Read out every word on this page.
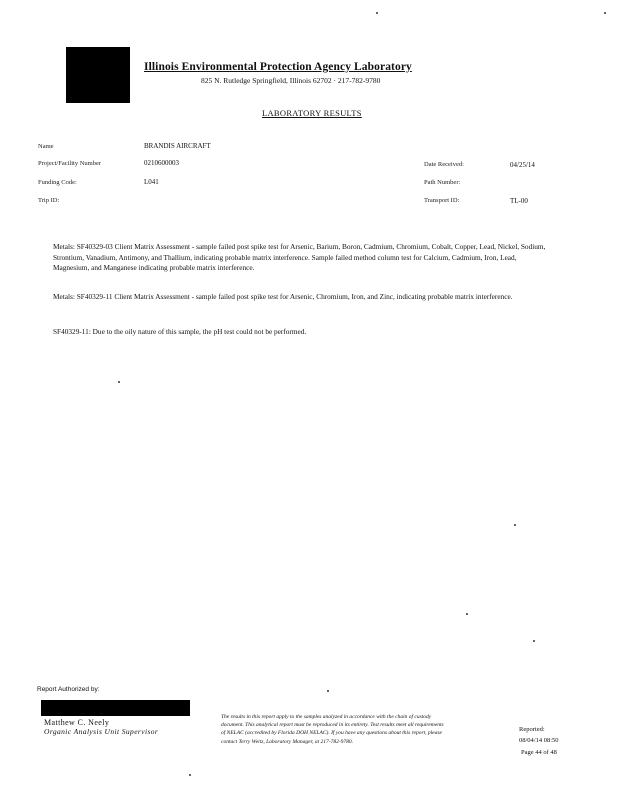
Illinois Environmental Protection Agency Laboratory
825 N. Rutledge Springfield, Illinois 62702 · 217-782-9780
LABORATORY RESULTS
Name	BRANDIS AIRCRAFT
Project/Facility Number	0210600003
Funding Code:	L041
Trip ID:
Date Received:	04/25/14
Path Number:
Transport ID:	TL-00
Metals: SF40329-03 Client Matrix Assessment - sample failed post spike test for Arsenic, Barium, Boron, Cadmium, Chromium, Cobalt, Copper, Lead, Nickel, Sodium, Strontium, Vanadium, Antimony, and Thallium, indicating probable matrix interference. Sample failed method column test for Calcium, Cadmium, Iron, Lead, Magnesium, and Manganese indicating probable matrix interference.
Metals: SF40329-11 Client Matrix Assessment - sample failed post spike test for Arsenic, Chromium, Iron, and Zinc, indicating probable matrix interference.
SF40329-11: Due to the oily nature of this sample, the pH test could not be performed.
Report Authorized by:
Matthew C. Neely
Organic Analysis Unit Supervisor
The results in this report apply to the samples analyzed in accordance with the chain of custody document. This analytical report must be reproduced in its entirety. Test results meet all requirements of NELAC (accredited by Florida DOH NELAC). If you have any questions about this report, please contact Terry Weitz, Laboratory Manager, at 217-782-9780.
Reported:
08/04/14 08:50
Page 44 of 48
